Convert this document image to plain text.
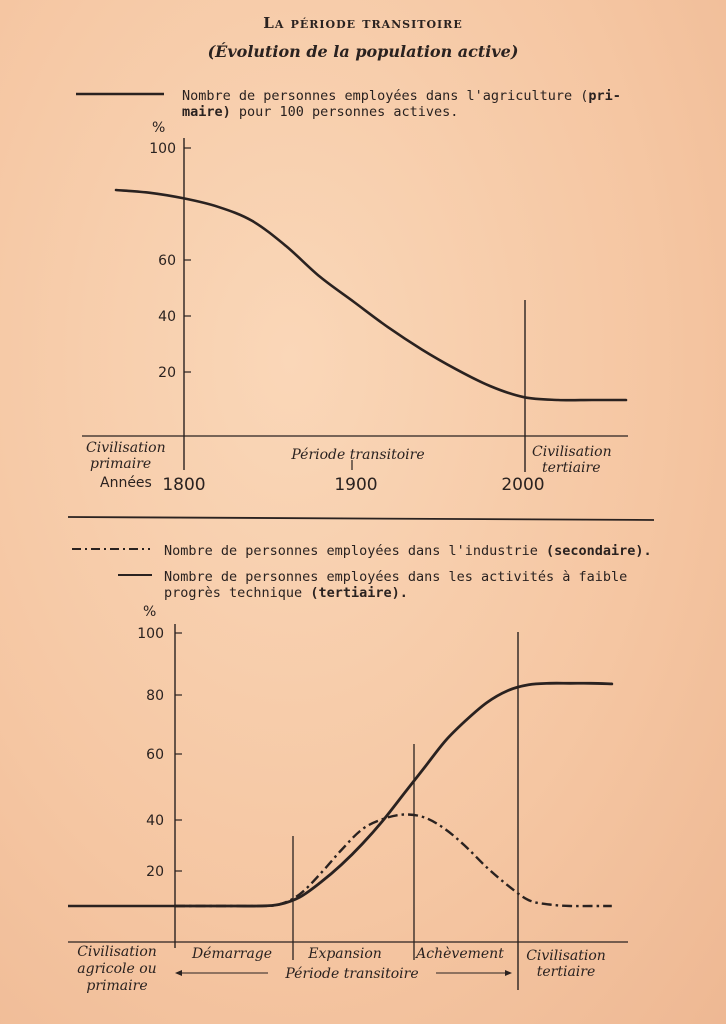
La période transitoire
(Évolution de la population active)
Nombre de personnes employées dans l'agriculture (pri-
maire) pour 100 personnes actives.
%
100
60
40
20
Civilisation
primaire
Période transitoire	Civilisation
tertiaire
Années 1800	1900	2000
Nombre de personnes employées dans l'industrie (secondaire).
Nombre de personnes employées dans les activités à faible
progrès technique (tertiaire).
%
100
80
60
40
20
Civilisation
agricole ou
primaire
Démarrage	Expansion Achèvement Civilisation
tertiaire
Période transitoire
